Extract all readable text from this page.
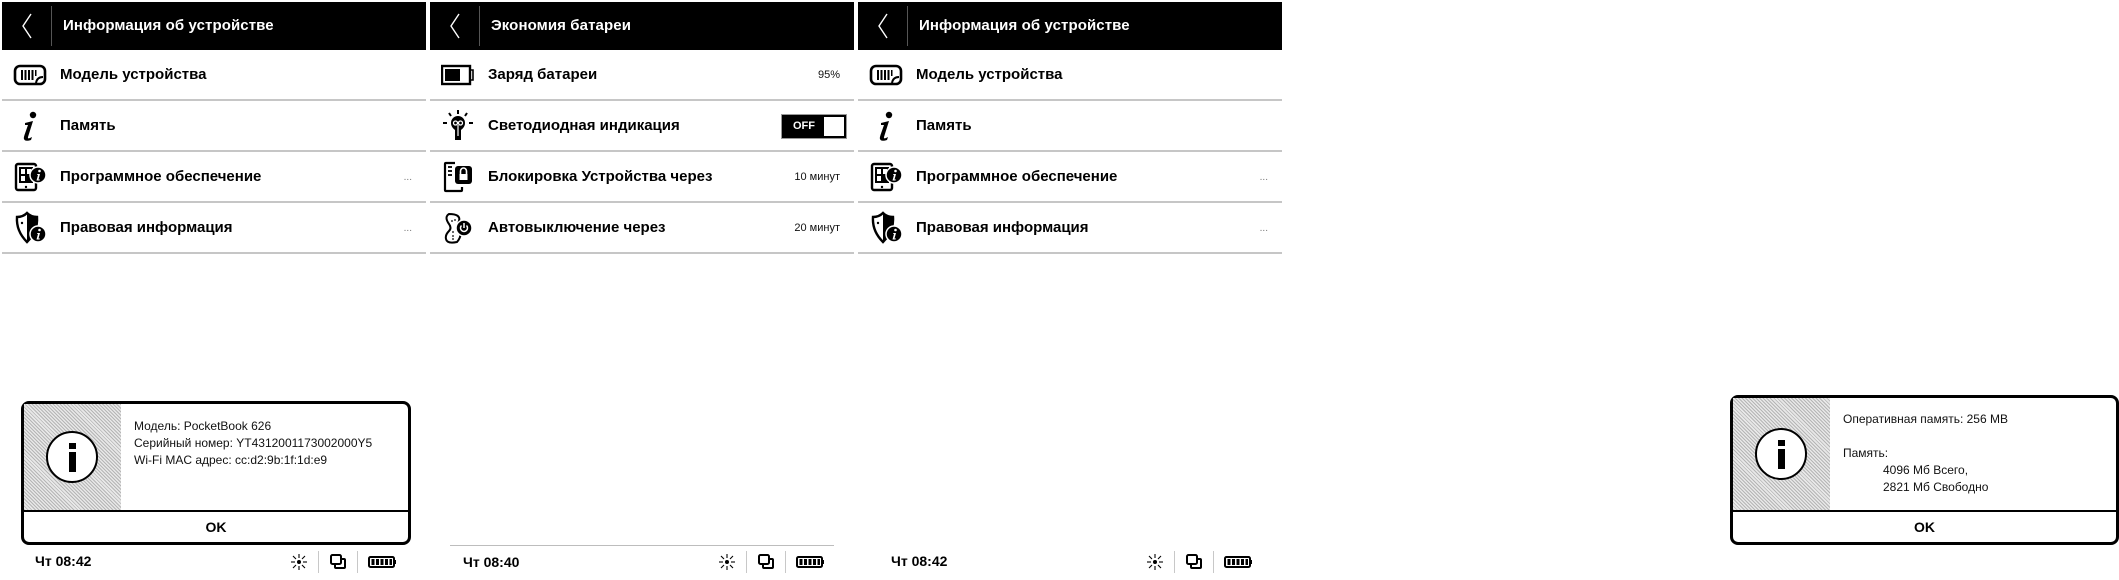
Информация об устройстве
Модель устройства
Память
Программное обеспечение	...
Правовая информация	...
Модель: PocketBook 626
Серийный номер: YT4312001173002000Y5
Wi-Fi MAC адрес: cc:d2:9b:1f:1d:e9
OK
Чт 08:42
Экономия батареи
Заряд батареи	95%
Светодиодная индикация	OFF
Блокировка Устройства через	10 минут
Автовыключение через	20 минут
Чт 08:40
Информация об устройстве
Модель устройства
Память
Программное обеспечение	...
Правовая информация	...
Оперативная память: 256 MB
Память:
4096 Мб Всего,
2821 Мб Свободно
OK
Чт 08:42
